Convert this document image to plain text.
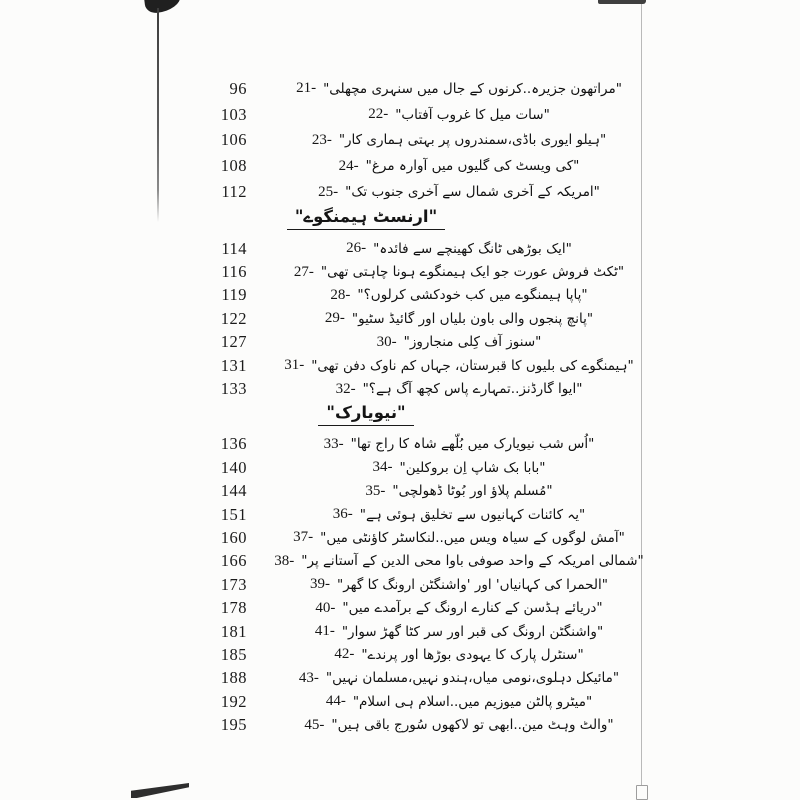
96	21- "مراتھون جزیرہ..کرنوں کے جال میں سنہری مچھلی"
103	22- "سات میل کا غروب آفتاب"
106	23- "ہیلو ایوری باڈی،سمندروں پر بہتی ہماری کار"
108	24- "کی ویسٹ کی گلیوں میں آوارہ مرغ"
112	25- "امریکہ کے آخری شمال سے آخری جنوب تک"
"ارنسٹ ہیمنگوے"
114	26- "ایک بوڑھی ٹانگ کھینچے سے فائدہ"
116	27- "ٹکٹ فروش عورت جو ایک ہیمنگوے ہونا چاہتی تھی"
119	28- "پاپا ہیمنگوے میں کب خودکشی کرلوں؟"
122	29- "پانچ پنجوں والی باون بلیاں اور گائیڈ سٹیو"
127	30- "سنوز آف کِلی منجاروز"
131 31- "ہیمنگوے کی بلیوں کا قبرستان، جہاں کم ناوک دفن تھی"
133	32- "ایوا گارڈنز..تمہارے پاس کچھ آگ ہے؟"
"نیویارک"
136	33- "اُس شب نیویارک میں بُلّھے شاہ کا راج تھا"
140	34- "بابا بک شاپ اِن بروکلین"
144	35- "مُسلم پلاؤ اور بُوٹا ڈھولچی"
151	36- "یہ کائنات کہانیوں سے تخلیق ہوئی ہے"
160	37- "آمش لوگوں کے سیاہ ویس میں..لنکاسٹر کاؤنٹی میں"
166 38- "شمالی امریکہ کے واحد صوفی باوا محی الدین کے آستانے پر"
173	39- "الحمرا کی کہانیاں' اور 'واشنگٹن ارونگ کا گھر"
178	40- "دریائے ہڈسن کے کنارے ارونگ کے برآمدے میں"
181	41- "واشنگٹن ارونگ کی قبر اور سر کٹا گھڑ سوار"
185	42- "سنٹرل پارک کا یہودی بوڑھا اور پرندے"
188	43- "مائیکل دہلوی،نومی میاں،ہندو نہیں،مسلمان نہیں"
192	44- "میٹرو پالٹن میوزیم میں..اسلام ہی اسلام"
195	45- "والٹ وہٹ مین..ابھی تو لاکھوں سُورج باقی ہیں"
